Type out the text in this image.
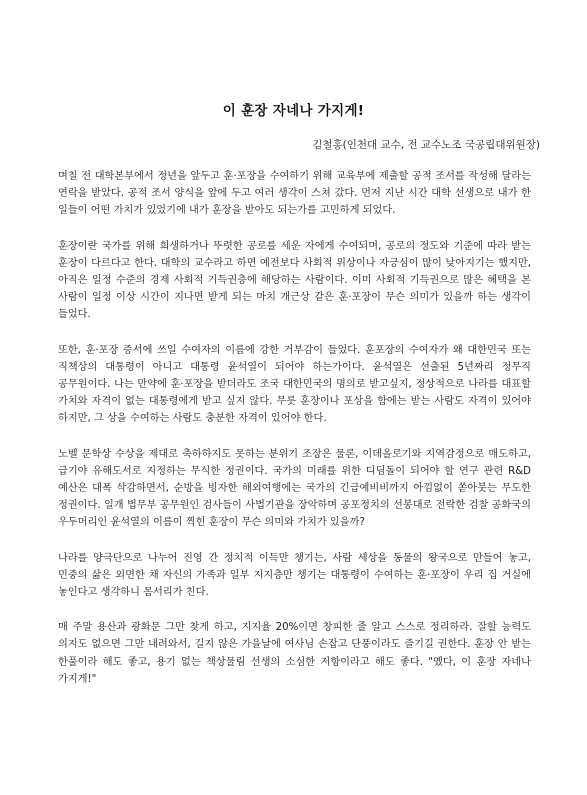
이 훈장 자네나 가지게!
김철홍(인천대 교수, 전 교수노조 국공립대위원장)

며칠 전 대학본부에서 정년을 앞두고 훈·포장을 수여하기 위해 교육부에 제출할 공적 조서를 작성해 달라는 연락을 받았다. 공적 조서 양식을 앞에 두고 여러 생각이 스쳐 갔다. 먼저 지난 시간 대학 선생으로 내가 한 일들이 어떤 가치가 있었기에 내가 훈장을 받아도 되는가를 고민하게 되었다.

훈장이란 국가를 위해 희생하거나 뚜렷한 공로를 세운 자에게 수여되며, 공로의 정도와 기준에 따라 받는 훈장이 다르다고 한다. 대학의 교수라고 하면 예전보다 사회적 위상이나 자긍심이 많이 낮아지기는 했지만, 아직은 일정 수준의 경제 사회적 기득권층에 해당하는 사람이다. 이미 사회적 기득권으로 많은 혜택을 본 사람이 일정 이상 시간이 지나면 받게 되는 마치 개근상 같은 훈·포장이 무슨 의미가 있을까 하는 생각이 들었다.

또한, 훈·포장 증서에 쓰일 수여자의 이름에 강한 거부감이 들었다. 훈포장의 수여자가 왜 대한민국 또는 직책상의 대통령이 아니고 대통령 윤석열이 되어야 하는가이다. 윤석열은 선출된 5년짜리 정무직 공무원이다. 나는 만약에 훈·포장을 받더라도 조국 대한민국의 명의로 받고싶지, 정상적으로 나라를 대표할 가치와 자격이 없는 대통령에게 받고 싶지 않다. 무릇 훈장이나 포상을 함에는 받는 사람도 자격이 있어야 하지만, 그 상을 수여하는 사람도 충분한 자격이 있어야 한다.

노벨 문학상 수상을 제대로 축하하지도 못하는 분위기 조장은 물론, 이데올로기와 지역감정으로 매도하고, 급기야 유해도서로 지정하는 무식한 정권이다. 국가의 미래를 위한 디딤돌이 되어야 할 연구 관련 R&D 예산은 대폭 삭감하면서, 순방을 빙자한 해외여행에는 국가의 긴급예비비까지 아낌없이 쏟아붓는 무도한 정권이다. 일개 법무부 공무원인 검사들이 사법기관을 장악하며 공포정치의 선봉대로 전락한 검찰 공화국의 우두머리인 윤석열의 이름이 찍힌 훈장이 무슨 의미와 가치가 있을까?

나라를 양극단으로 나누어 진영 간 정치적 이득만 챙기는, 사람 세상을 동물의 왕국으로 만들어 놓고, 민중의 삶은 외면한 채 자신의 가족과 일부 지지층만 챙기는 대통령이 수여하는 훈·포장이 우리 집 거실에 놓인다고 생각하니 몸서리가 친다.

매 주말 용산과 광화문 그만 찾게 하고, 지지율 20%이면 창피한 줄 알고 스스로 정리하라. 잘할 능력도 의지도 없으면 그만 내려와서, 길지 않은 가을날에 여사님 손잡고 단풍이라도 즐기길 권한다. 훈장 안 받는 한풀이라 해도 좋고, 용기 없는 책상물림 선생의 소심한 저항이라고 해도 좋다. "옜다, 이 훈장 자네나 가지게!"
